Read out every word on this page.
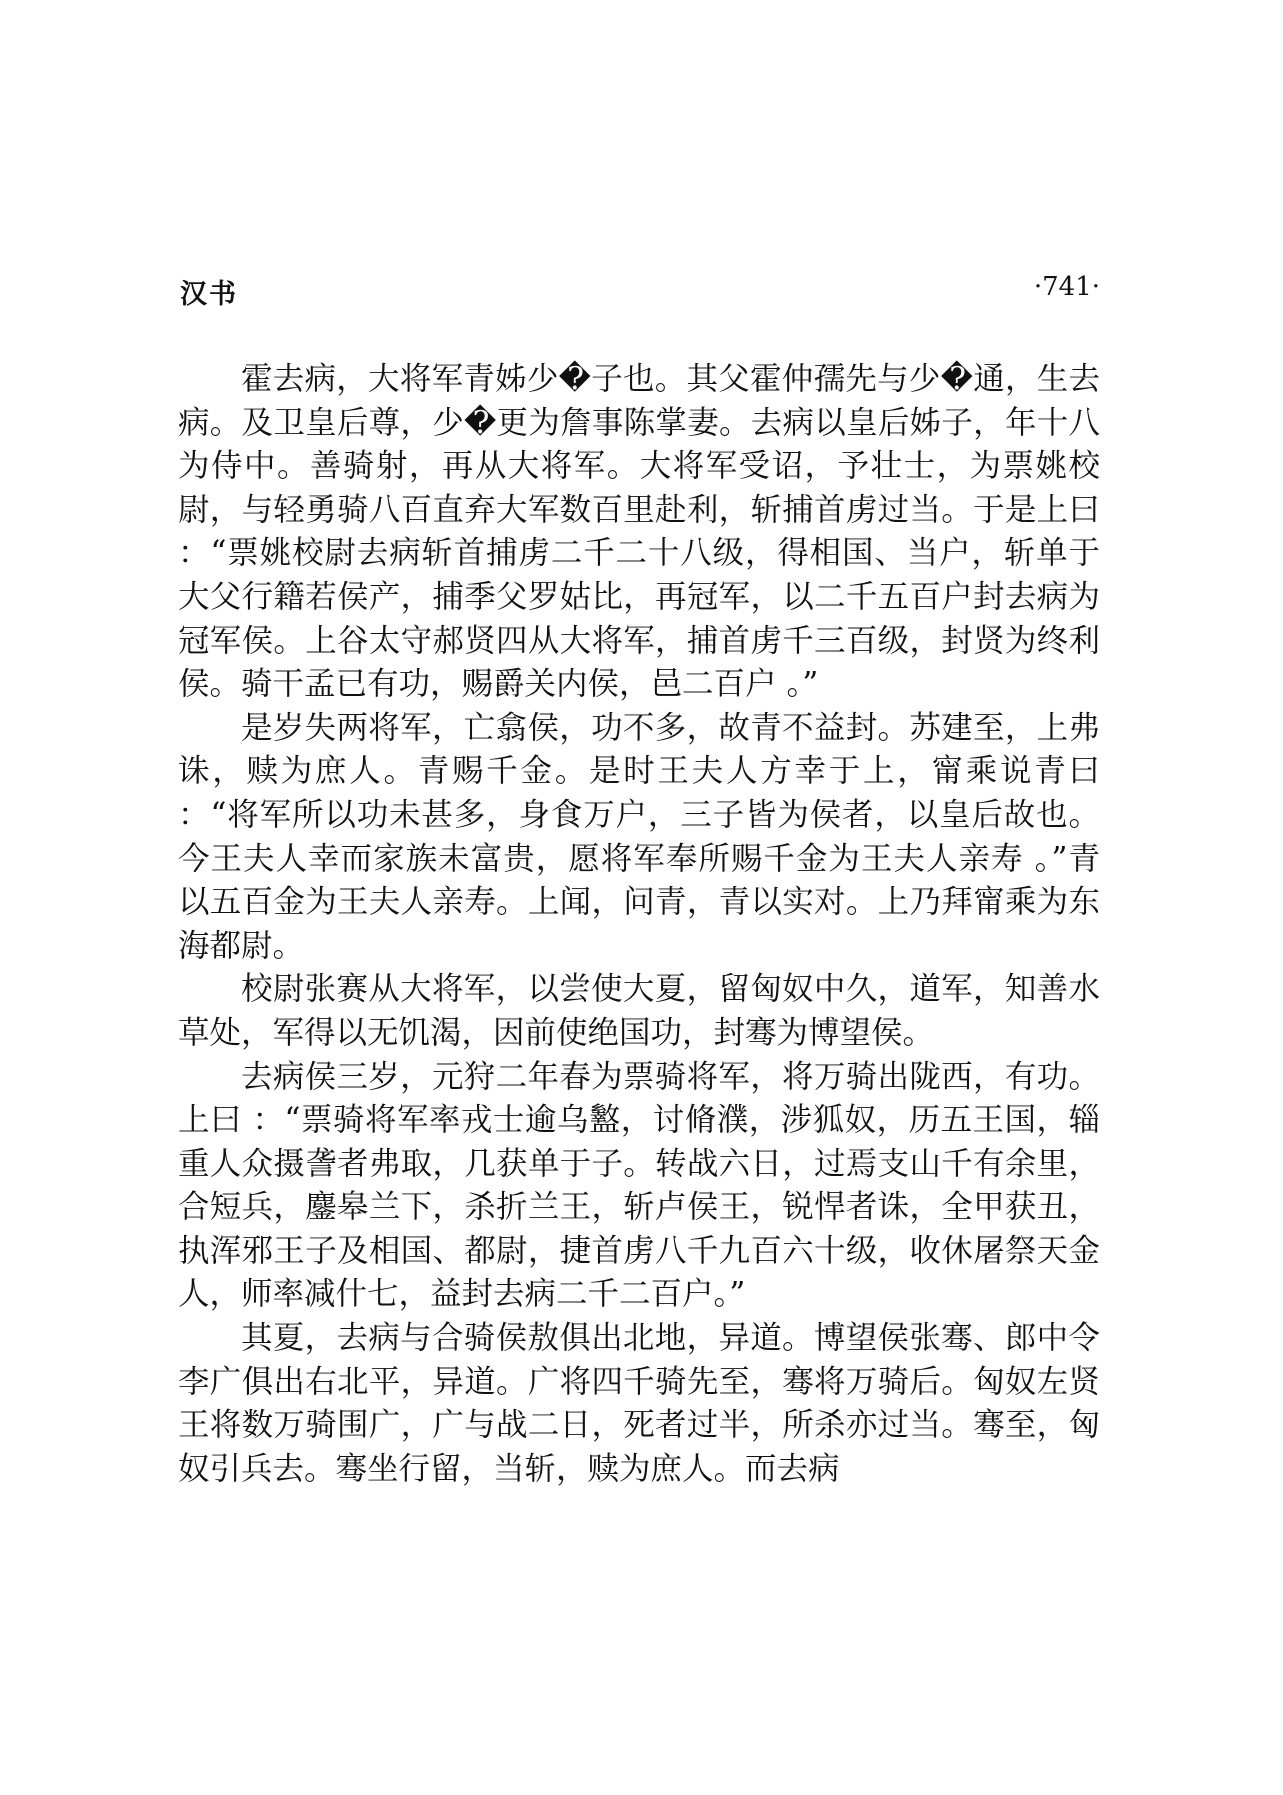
汉书	·741·

霍去病，大将军青姊少�子也。其父霍仲孺先与少�通，生去病。及卫皇后尊，少�更为詹事陈掌妻。去病以皇后姊子，年十八为侍中。善骑射，再从大将军。大将军受诏，予壮士，为票姚校尉，与轻勇骑八百直弃大军数百里赴利，斩捕首虏过当。于是上曰 ：“票姚校尉去病斩首捕虏二千二十八级，得相国、当户，斩单于大父行籍若侯产，捕季父罗姑比，再冠军，以二千五百户封去病为冠军侯。上谷太守郝贤四从大将军，捕首虏千三百级，封贤为终利侯。骑干孟已有功，赐爵关内侯，邑二百户 。”

是岁失两将军，亡翕侯，功不多，故青不益封。苏建至，上弗诛，赎为庶人。青赐千金。是时王夫人方幸于上，甯乘说青曰 ：“将军所以功未甚多，身食万户，三子皆为侯者，以皇后故也。今王夫人幸而家族未富贵，愿将军奉所赐千金为王夫人亲寿 。”青以五百金为王夫人亲寿。上闻，问青，青以实对。上乃拜甯乘为东海都尉。

校尉张赛从大将军，以尝使大夏，留匈奴中久，道军，知善水草处，军得以无饥渴，因前使绝国功，封骞为博望侯。

去病侯三岁，元狩二年春为票骑将军，将万骑出陇西，有功。上曰 ：“票骑将军率戎士逾乌盭，讨脩濮，涉狐奴，历五王国，辎重人众摄詟者弗取，几获单于子。转战六日，过焉支山千有余里，合短兵，鏖皋兰下，杀折兰王，斩卢侯王，锐悍者诛，全甲获丑，执浑邪王子及相国、都尉，捷首虏八千九百六十级，收休屠祭天金人，师率减什七，益封去病二千二百户。”

其夏，去病与合骑侯敖俱出北地，异道。博望侯张骞、郎中令李广俱出右北平，异道。广将四千骑先至，骞将万骑后。匈奴左贤王将数万骑围广，广与战二日，死者过半，所杀亦过当。骞至，匈奴引兵去。骞坐行留，当斩，赎为庶人。而去病
